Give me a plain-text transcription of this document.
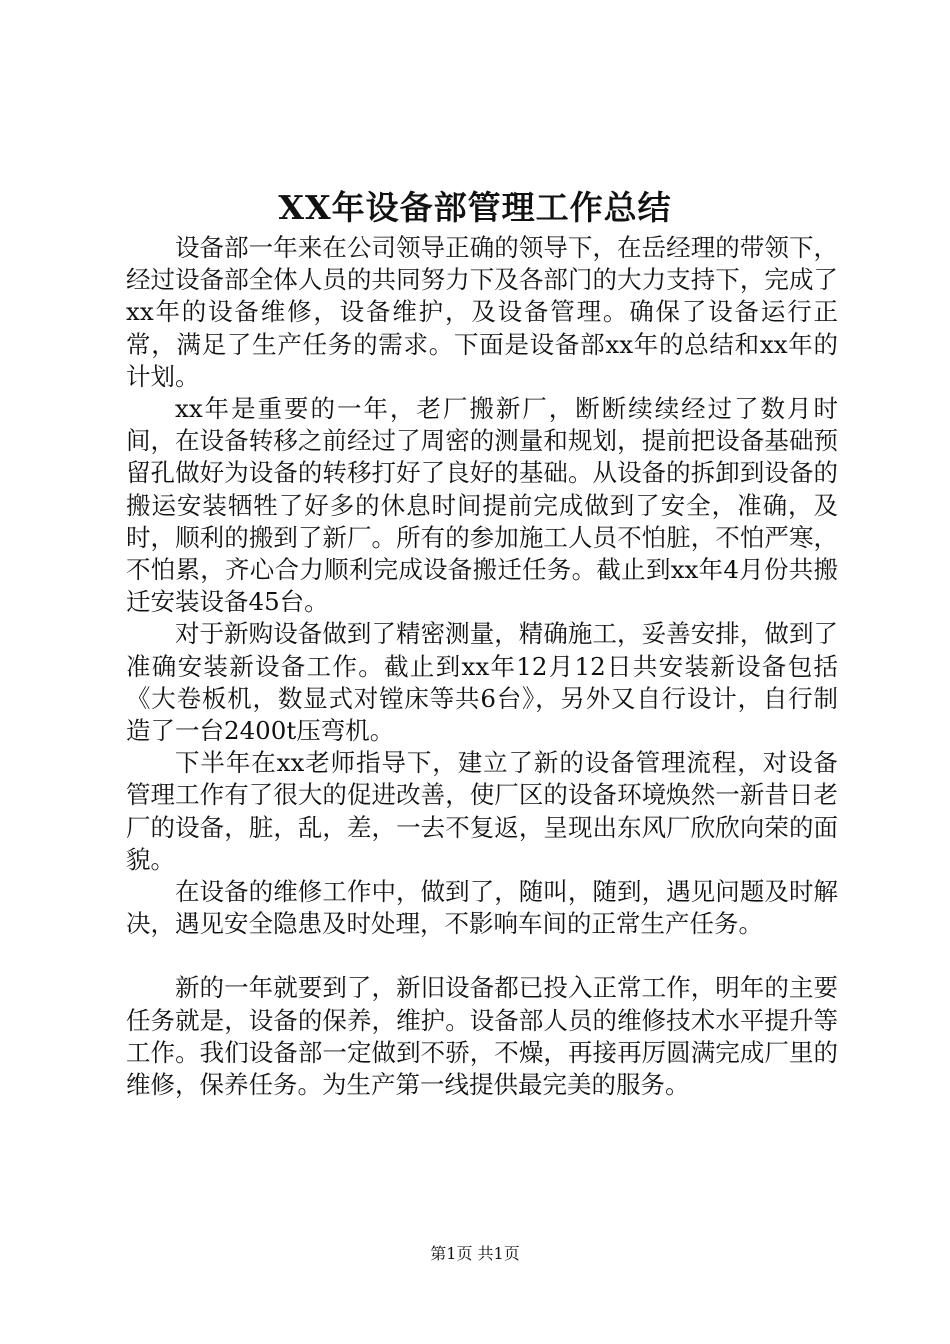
XX年设备部管理工作总结

设备部一年来在公司领导正确的领导下，在岳经理的带领下，经过设备部全体人员的共同努力下及各部门的大力支持下，完成了xx年的设备维修，设备维护，及设备管理。确保了设备运行正常，满足了生产任务的需求。下面是设备部xx年的总结和xx年的计划。

xx年是重要的一年，老厂搬新厂，断断续续经过了数月时间，在设备转移之前经过了周密的测量和规划，提前把设备基础预留孔做好为设备的转移打好了良好的基础。从设备的拆卸到设备的搬运安装牺牲了好多的休息时间提前完成做到了安全，准确，及时，顺利的搬到了新厂。所有的参加施工人员不怕脏，不怕严寒，不怕累，齐心合力顺利完成设备搬迁任务。截止到xx年4月份共搬迁安装设备45台。

对于新购设备做到了精密测量，精确施工，妥善安排，做到了准确安装新设备工作。截止到xx年12月12日共安装新设备包括《大卷板机，数显式对镗床等共6台》，另外又自行设计，自行制造了一台2400t压弯机。

下半年在xx老师指导下，建立了新的设备管理流程，对设备管理工作有了很大的促进改善，使厂区的设备环境焕然一新昔日老厂的设备，脏，乱，差，一去不复返，呈现出东风厂欣欣向荣的面貌。

在设备的维修工作中，做到了，随叫，随到，遇见问题及时解决，遇见安全隐患及时处理，不影响车间的正常生产任务。

新的一年就要到了，新旧设备都已投入正常工作，明年的主要任务就是，设备的保养，维护。设备部人员的维修技术水平提升等工作。我们设备部一定做到不骄，不燥，再接再厉圆满完成厂里的维修，保养任务。为生产第一线提供最完美的服务。

第1页 共1页
